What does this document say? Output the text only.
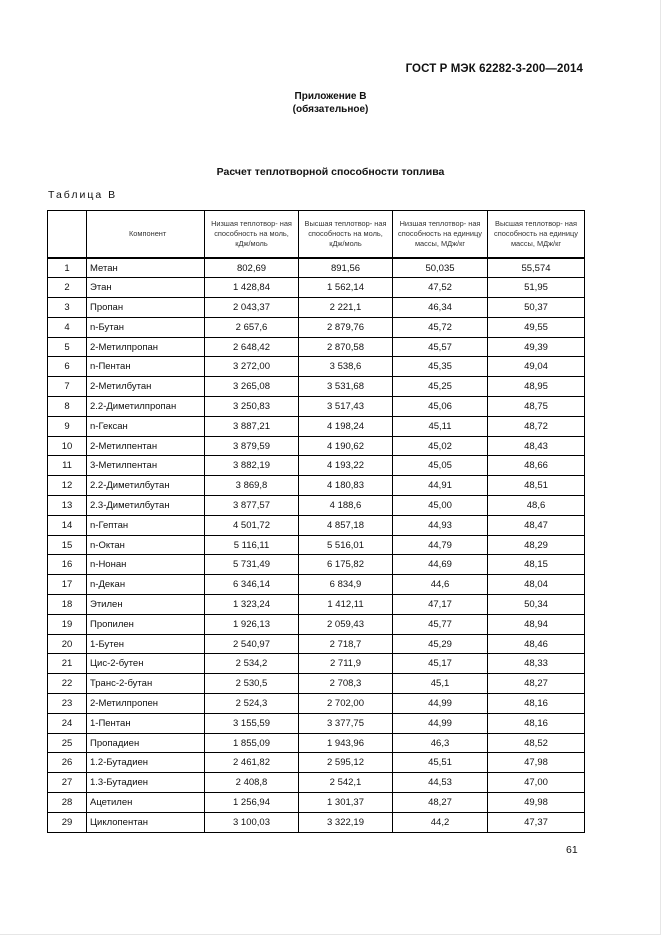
ГОСТ Р МЭК 62282-3-200—2014
Приложение В
(обязательное)
Расчет теплотворной способности топлива
Таблица В
	Компонент	Низшая теплотвор- ная способность на моль, кДж/моль	Высшая теплотвор- ная способность на моль, кДж/моль	Низшая теплотвор- ная способность на единицу массы, МДж/кг	Высшая теплотвор- ная способность на единицу массы, МДж/кг
1	Метан	802,69	891,56	50,035	55,574
2	Этан	1 428,84	1 562,14	47,52	51,95
3	Пропан	2 043,37	2 221,1	46,34	50,37
4	n-Бутан	2 657,6	2 879,76	45,72	49,55
5	2-Метилпропан	2 648,42	2 870,58	45,57	49,39
6	n-Пентан	3 272,00	3 538,6	45,35	49,04
7	2-Метилбутан	3 265,08	3 531,68	45,25	48,95
8	2.2-Диметилпропан	3 250,83	3 517,43	45,06	48,75
9	n-Гексан	3 887,21	4 198,24	45,11	48,72
10	2-Метилпентан	3 879,59	4 190,62	45,02	48,43
11	3-Метилпентан	3 882,19	4 193,22	45,05	48,66
12	2.2-Диметилбутан	3 869,8	4 180,83	44,91	48,51
13	2.3-Диметилбутан	3 877,57	4 188,6	45,00	48,6
14	n-Гептан	4 501,72	4 857,18	44,93	48,47
15	n-Октан	5 116,11	5 516,01	44,79	48,29
16	n-Нонан	5 731,49	6 175,82	44,69	48,15
17	n-Декан	6 346,14	6 834,9	44,6	48,04
18	Этилен	1 323,24	1 412,11	47,17	50,34
19	Пропилен	1 926,13	2 059,43	45,77	48,94
20	1-Бутен	2 540,97	2 718,7	45,29	48,46
21	Цис-2-бутен	2 534,2	2 711,9	45,17	48,33
22	Транс-2-бутан	2 530,5	2 708,3	45,1	48,27
23	2-Метилпропен	2 524,3	2 702,00	44,99	48,16
24	1-Пентан	3 155,59	3 377,75	44,99	48,16
25	Пропадиен	1 855,09	1 943,96	46,3	48,52
26	1.2-Бутадиен	2 461,82	2 595,12	45,51	47,98
27	1.3-Бутадиен	2 408,8	2 542,1	44,53	47,00
28	Ацетилен	1 256,94	1 301,37	48,27	49,98
29	Циклопентан	3 100,03	3 322,19	44,2	47,37
61
